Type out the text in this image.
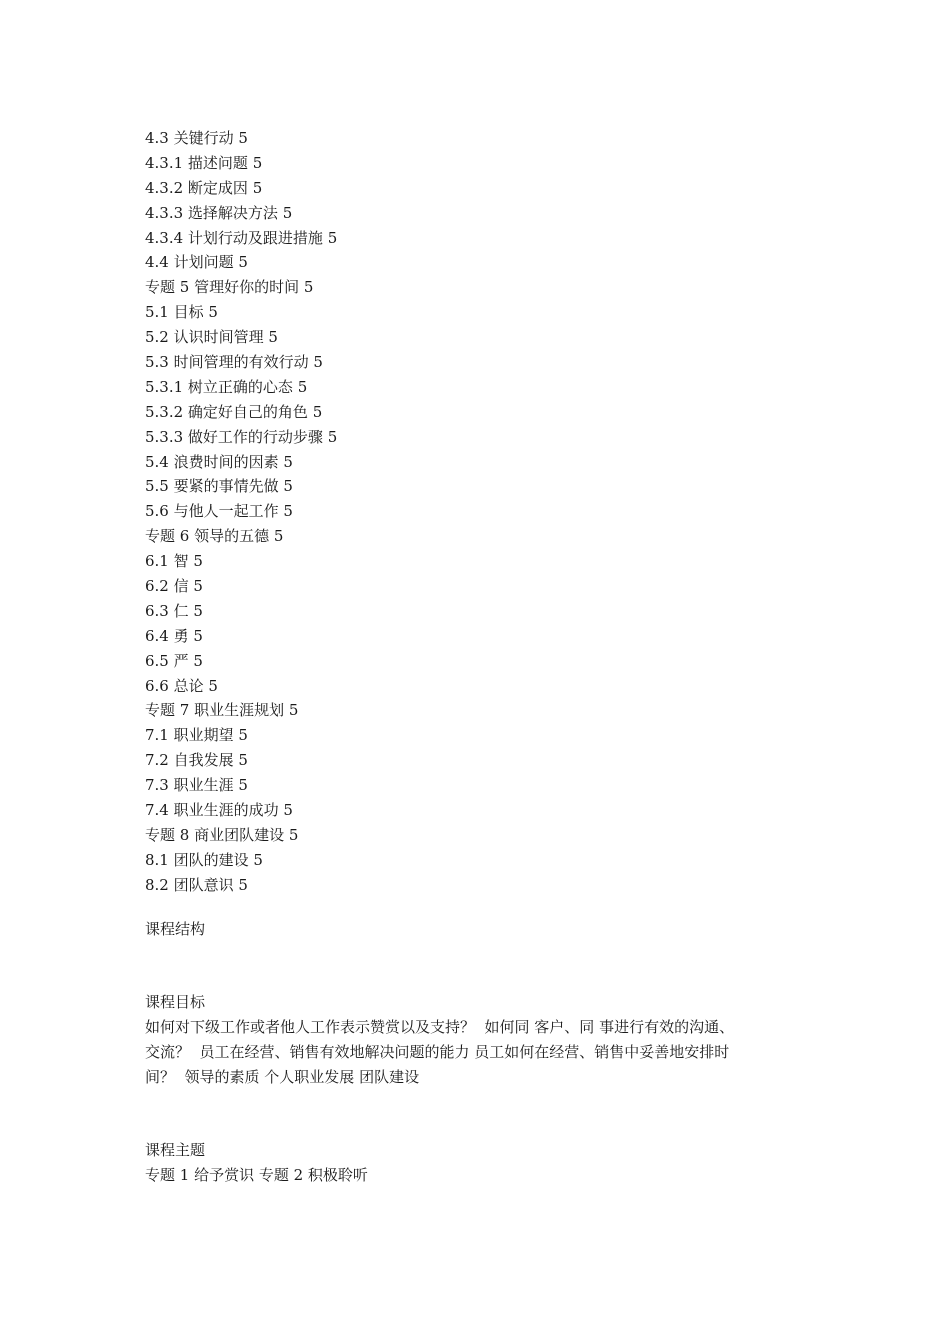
4.3 关键行动 5
4.3.1 描述问题 5
4.3.2 断定成因 5
4.3.3 选择解决方法 5
4.3.4 计划行动及跟进措施 5
4.4 计划问题 5
专题 5 管理好你的时间 5
5.1 目标 5
5.2 认识时间管理 5
5.3 时间管理的有效行动 5
5.3.1 树立正确的心态 5
5.3.2 确定好自己的角色 5
5.3.3 做好工作的行动步骤 5
5.4 浪费时间的因素 5
5.5 要紧的事情先做 5
5.6 与他人一起工作 5
专题 6 领导的五德 5
6.1 智 5
6.2 信 5
6.3 仁 5
6.4 勇 5
6.5 严 5
6.6 总论 5
专题 7 职业生涯规划 5
7.1 职业期望 5
7.2 自我发展 5
7.3 职业生涯 5
7.4 职业生涯的成功 5
专题 8 商业团队建设 5
8.1 团队的建设 5
8.2 团队意识 5
课程结构
课程目标
如何对下级工作或者他人工作表示赞赏以及支持？  如何同 客户、同 事进行有效的沟通、
交流？  员工在经营、销售有效地解决问题的能力 员工如何在经营、销售中妥善地安排时
间？  领导的素质 个人职业发展 团队建设
课程主题
专题 1 给予赏识 专题 2 积极聆听
